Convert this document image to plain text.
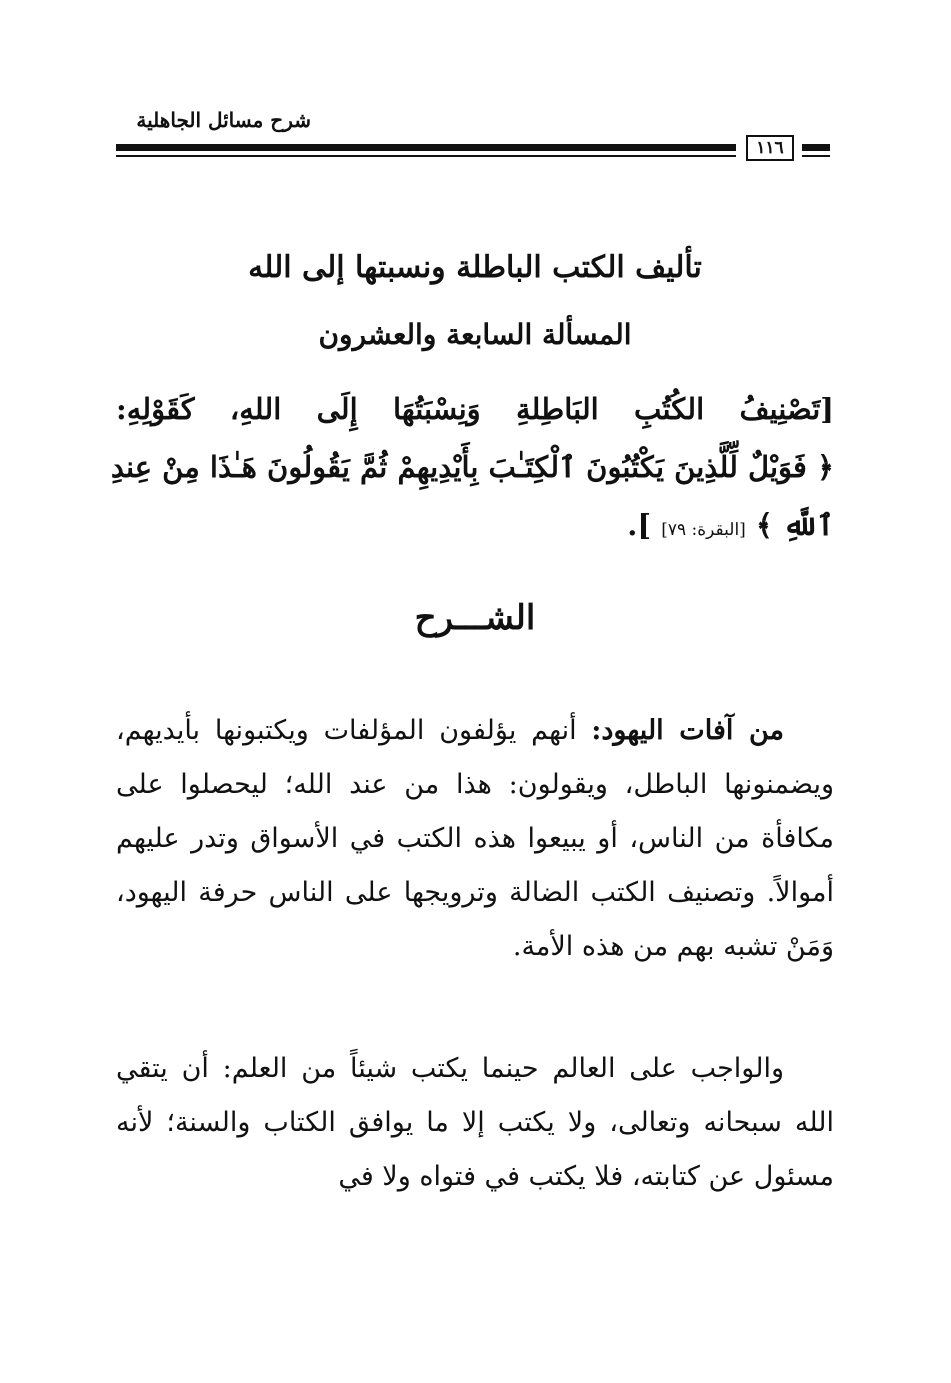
شرح مسائل الجاهلية
١١٦
تأليف الكتب الباطلة ونسبتها إلى الله
المسألة السابعة والعشرون
[تَصْنِيفُ الكُتُبِ البَاطِلةِ وَنِسْبَتُهَا إِلَى اللهِ، كَقَوْلِهِ:
﴿ فَوَيْلٌ لِّلَّذِينَ يَكْتُبُونَ ٱلْكِتَـٰبَ بِأَيْدِيهِمْ ثُمَّ يَقُولُونَ هَـٰذَا مِنْ عِندِ
ٱللَّهِ ﴾ [البقرة: ٧٩] ].
الشـــرح

من آفات اليهود: أنهم يؤلفون المؤلفات ويكتبونها بأيديهم، ويضمنونها الباطل، ويقولون: هذا من عند الله؛ ليحصلوا على مكافأة من الناس، أو يبيعوا هذه الكتب في الأسواق وتدر عليهم أموالاً. وتصنيف الكتب الضالة وترويجها على الناس حرفة اليهود، وَمَنْ تشبه بهم من هذه الأمة.

والواجب على العالم حينما يكتب شيئاً من العلم: أن يتقي الله سبحانه وتعالى، ولا يكتب إلا ما يوافق الكتاب والسنة؛ لأنه مسئول عن كتابته، فلا يكتب في فتواه ولا في
